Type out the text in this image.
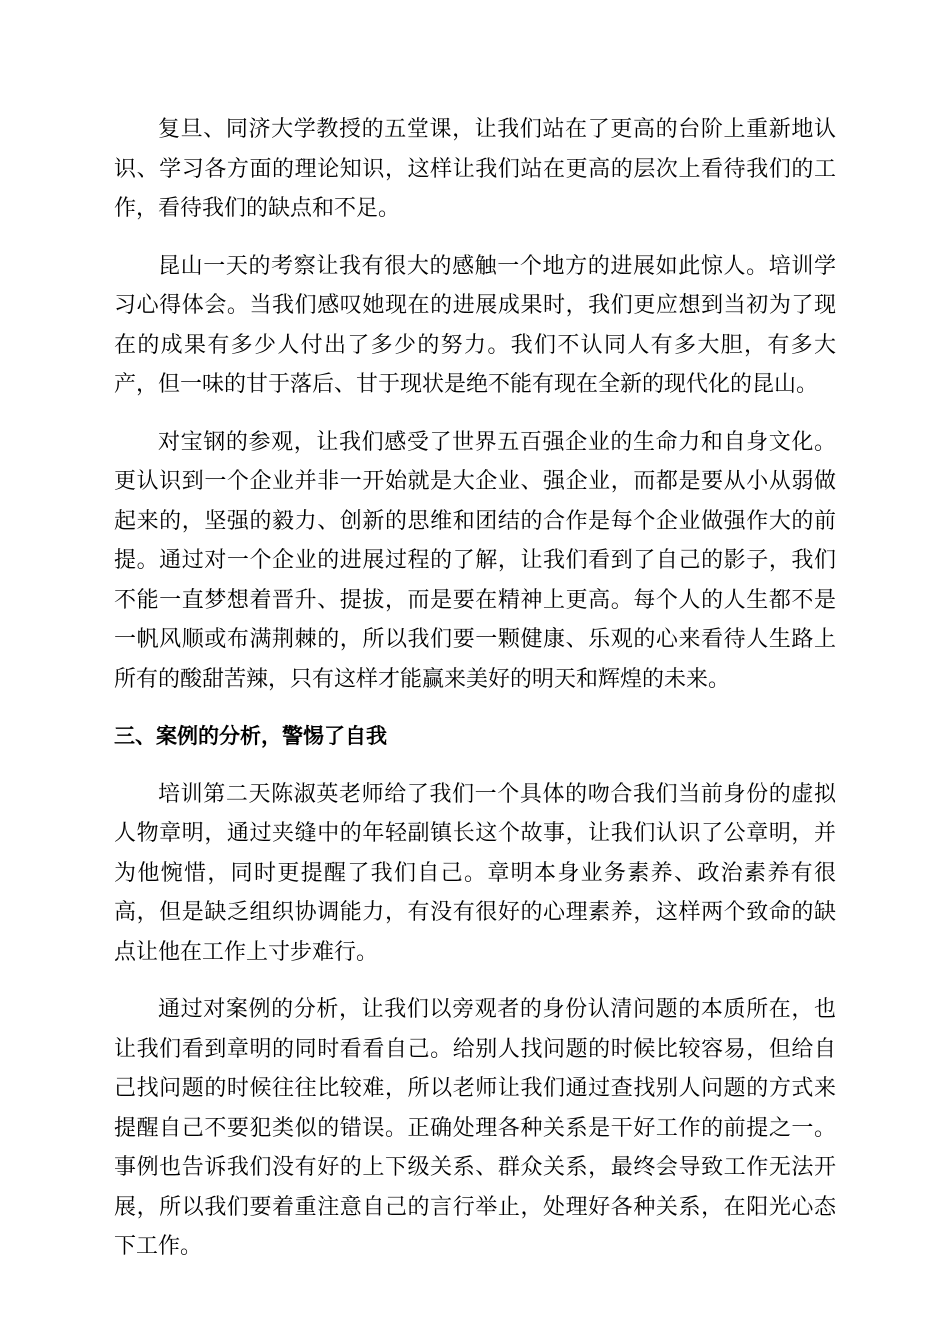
复旦、同济大学教授的五堂课，让我们站在了更高的台阶上重新地认识、学习各方面的理论知识，这样让我们站在更高的层次上看待我们的工作，看待我们的缺点和不足。

昆山一天的考察让我有很大的感触一个地方的进展如此惊人。培训学习心得体会。当我们感叹她现在的进展成果时，我们更应想到当初为了现在的成果有多少人付出了多少的努力。我们不认同人有多大胆，有多大产，但一味的甘于落后、甘于现状是绝不能有现在全新的现代化的昆山。

对宝钢的参观，让我们感受了世界五百强企业的生命力和自身文化。更认识到一个企业并非一开始就是大企业、强企业，而都是要从小从弱做起来的，坚强的毅力、创新的思维和团结的合作是每个企业做强作大的前提。通过对一个企业的进展过程的了解，让我们看到了自己的影子，我们不能一直梦想着晋升、提拔，而是要在精神上更高。每个人的人生都不是一帆风顺或布满荆棘的，所以我们要一颗健康、乐观的心来看待人生路上所有的酸甜苦辣，只有这样才能赢来美好的明天和辉煌的未来。

三、案例的分析，警惕了自我

培训第二天陈淑英老师给了我们一个具体的吻合我们当前身份的虚拟人物章明，通过夹缝中的年轻副镇长这个故事，让我们认识了公章明，并为他惋惜，同时更提醒了我们自己。章明本身业务素养、政治素养有很高，但是缺乏组织协调能力，有没有很好的心理素养，这样两个致命的缺点让他在工作上寸步难行。

通过对案例的分析，让我们以旁观者的身份认清问题的本质所在，也让我们看到章明的同时看看自己。给别人找问题的时候比较容易，但给自己找问题的时候往往比较难，所以老师让我们通过查找别人问题的方式来提醒自己不要犯类似的错误。正确处理各种关系是干好工作的前提之一。事例也告诉我们没有好的上下级关系、群众关系，最终会导致工作无法开展，所以我们要着重注意自己的言行举止，处理好各种关系，在阳光心态下工作。
